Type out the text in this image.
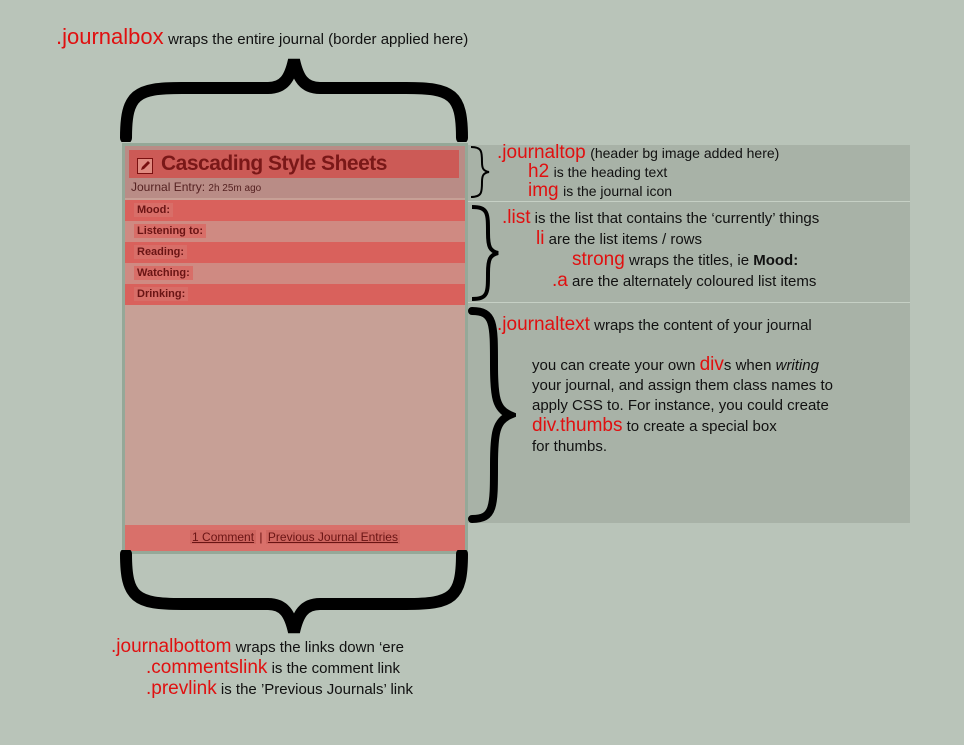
.journalbox wraps the entire journal (border applied here)
Cascading Style Sheets
Journal Entry: 2h 25m ago
Mood:
Listening to:
Reading:
Watching:
Drinking:
1 Comment | Previous Journal Entries
.journaltop (header bg image added here)
h2 is the heading text
img is the journal icon
.list is the list that contains the ‘currently’ things
li are the list items / rows
strong wraps the titles, ie Mood:
.a are the alternately coloured list items
.journaltext wraps the content of your journal
you can create your own divs when writing
your journal, and assign them class names to
apply CSS to. For instance, you could create
div.thumbs to create a special box
for thumbs.
.journalbottom wraps the links down ‘ere
.commentslink is the comment link
.prevlink is the ’Previous Journals’ link
